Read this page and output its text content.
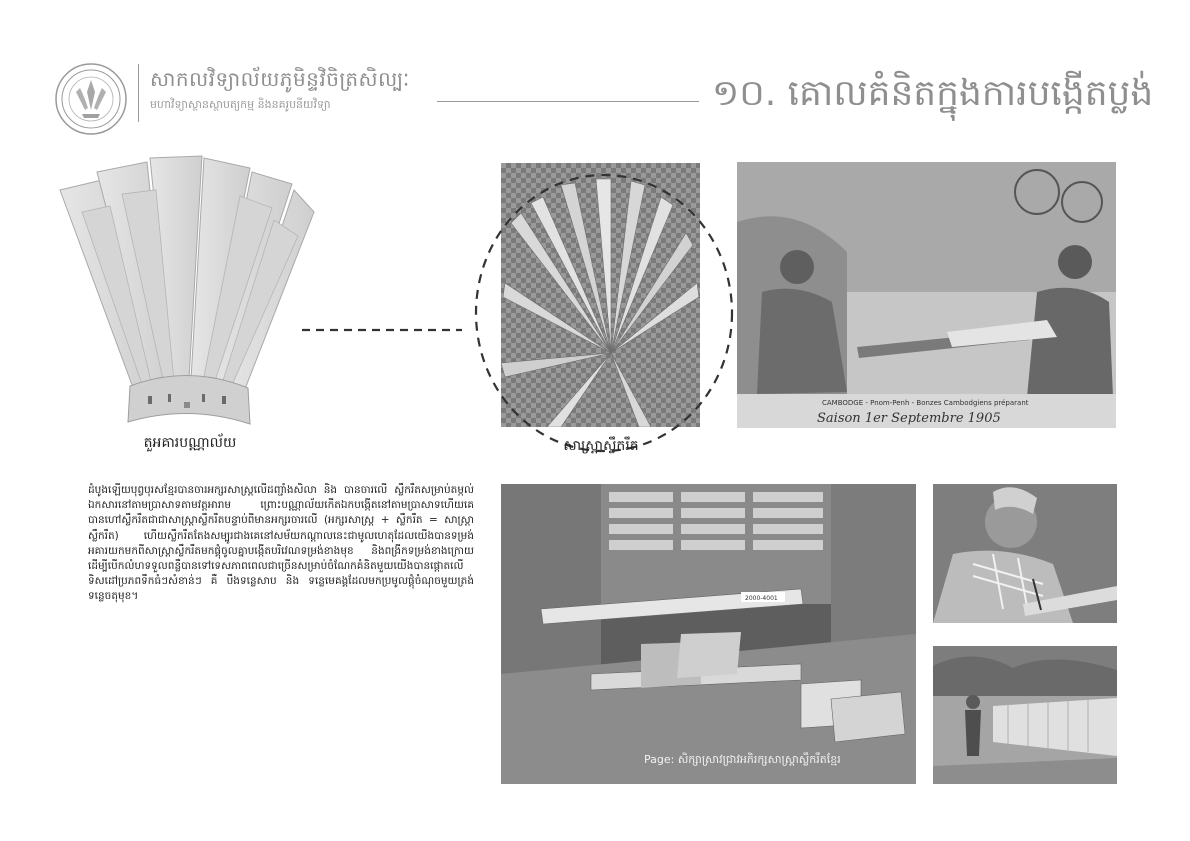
សាកលវិទ្យាល័យភូមិន្ទវិចិត្រសិល្បៈ
មហាវិទ្យាស្ថានស្ថាបត្យកម្ម និងនគរូបនីយវិទ្យា	១០. គោលគំនិតក្នុងការបង្កើតប្លង់
តួអគារបណ្ណាល័យ	សាស្ត្រាស្លឹករឹត
CAMBODGE - Pnom-Penh - Bonzes Cambodgiens préparant
Saison 1er Septembre 1905
ដំបូងឡើយបុព្វបុរសខ្មែរបានចារអក្សរសាស្ត្រលើដញ្ជាំងសិលា និង បានចារលើ ស្លឹករឹតសម្រាប់តម្កល់ឯកសារនៅតាមប្រាសាទតាមវត្តអារាម ព្រោះបណ្ណាល័យកើតឯកបង្កើតនៅតាមប្រាសាទហើយគេបានហៅស្លឹករឹតជាជាសាស្ត្រាស្លឹករឹតបន្ទាប់ពីមានអក្សរចារលើ (អក្សរសាស្ត្រ + ស្លឹករឹត = សាស្ត្រាស្លឹករឹត) ហើយស្លឹករឹតតែងសម្បូរជាងគេនៅសម័យកណ្តាលនេះជាមូលហេតុដែលយើងបានទម្រង់អគារយកមកពីសាស្ត្រាស្លឹករឹតមកផ្គុំចូលគ្នាបង្កើតបរិវេណទម្រង់ខាងមុខ និងពង្រីកទម្រង់ខាងក្រោយដើម្បីបើកលំហទទួលពន្លឺបានទៅទេសភាពពេលជាច្រើនសម្រាប់ចំណែកគំនិតមួយយើងបានផ្តោតលើទិសដៅប្រភពទឹកធំៗសំខាន់ៗ គឺ បឹងទន្លេសាប និង ទន្លេមេគង្គដែលមកប្រមូលផ្តុំចំណុចមួយត្រង់ទន្លេចតុមុខ។	2000-4001
Page: សិក្សាស្រាវជ្រាវអភិរក្សសាស្ត្រាស្លឹករឹតខ្មែរ
